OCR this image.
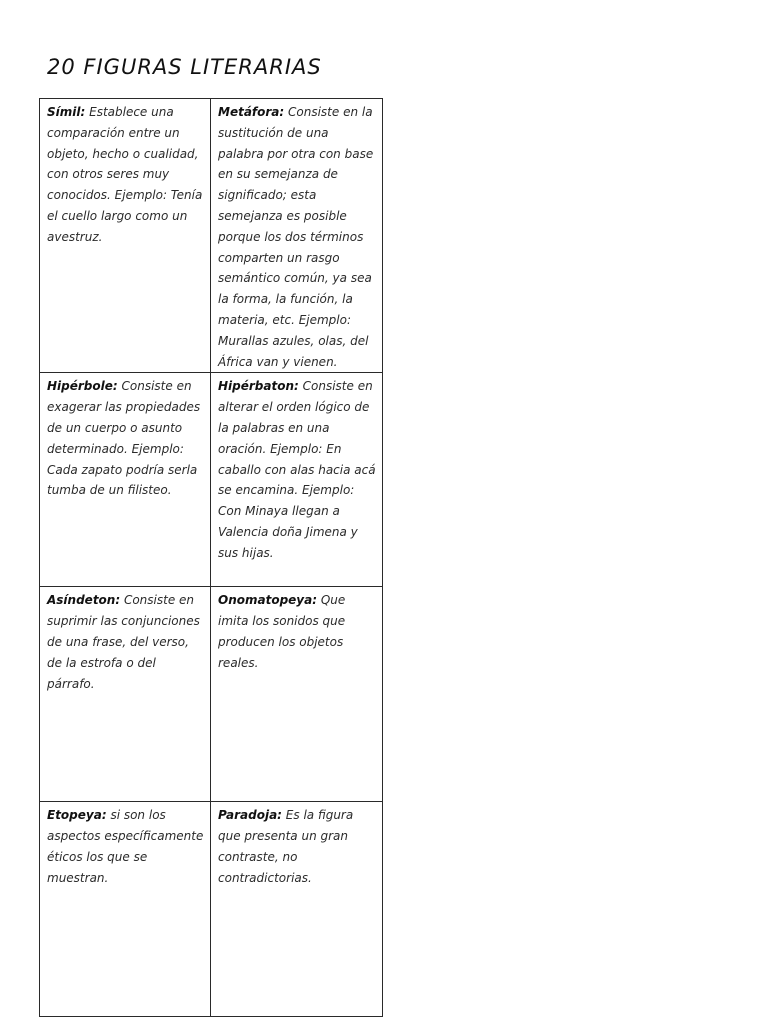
20 FIGURAS LITERARIAS
Símil: Establece una comparación entre un objeto, hecho o cualidad, con otros seres muy conocidos. Ejemplo: Tenía el cuello largo como un avestruz.	Metáfora: Consiste en la sustitución de una palabra por otra con base en su semejanza de significado; esta semejanza es posible porque los dos términos comparten un rasgo semántico común, ya sea la forma, la función, la materia, etc. Ejemplo: Murallas azules, olas, del África van y vienen.
Hipérbole: Consiste en exagerar las propiedades de un cuerpo o asunto determinado. Ejemplo: Cada zapato podría serla tumba de un filisteo.	Hipérbaton: Consiste en alterar el orden lógico de la palabras en una oración. Ejemplo: En caballo con alas hacia acá se encamina. Ejemplo: Con Minaya llegan a Valencia doña Jimena y sus hijas.
Asíndeton: Consiste en suprimir las conjunciones de una frase, del verso, de la estrofa o del párrafo.	Onomatopeya: Que imita los sonidos que producen los objetos reales.
Etopeya: si son los aspectos específicamente éticos los que se muestran.	Paradoja: Es la figura que presenta un gran contraste, no contradictorias.
